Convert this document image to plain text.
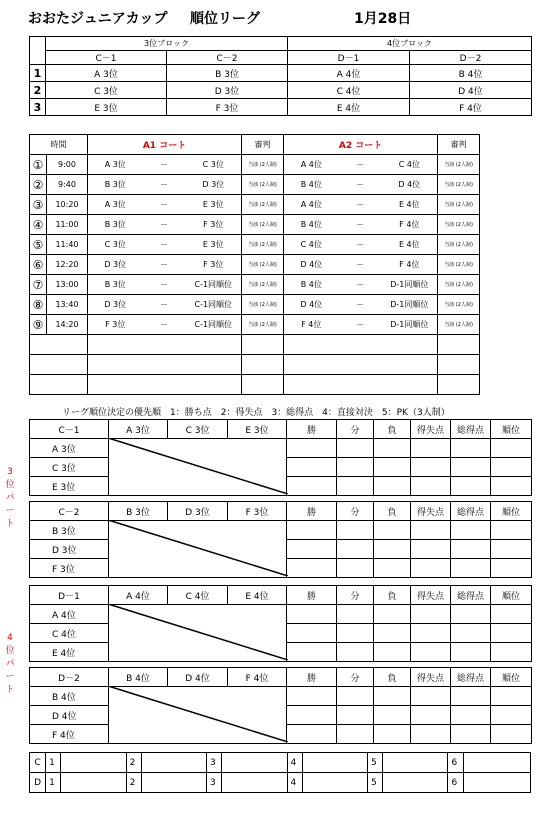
おおたジュニアカップ 順位リーグ	1月28日
	3位ブロック		4位ブロック	
	C－1	C－2	D－1	D－2
1	A 3位	B 3位	A 4位	B 4位
2	C 3位	D 3位	C 4位	D 4位
3	E 3位	F 3位	E 4位	F 4位
時間		A1 コート			審判	A2 コート			審判
①	9:00	A 3位	－	C 3位	当該 (2人制)	A 4位	－	C 4位	当該 (2人制)
②	9:40	B 3位	－	D 3位	当該 (2人制)	B 4位	－	D 4位	当該 (2人制)
③	10:20	A 3位	－	E 3位	当該 (2人制)	A 4位	－	E 4位	当該 (2人制)
④	11:00	B 3位	－	F 3位	当該 (2人制)	B 4位	－	F 4位	当該 (2人制)
⑤	11:40	C 3位	－	E 3位	当該 (2人制)	C 4位	－	E 4位	当該 (2人制)
⑥	12:20	D 3位	－	F 3位	当該 (2人制)	D 4位	－	F 4位	当該 (2人制)
⑦	13:00	B 3位	－	C-1同順位	当該 (2人制)	B 4位	－	D-1同順位	当該 (2人制)
⑧	13:40	D 3位	－	C-1同順位	当該 (2人制)	D 4位	－	D-1同順位	当該 (2人制)
⑨	14:20	F 3位	－	C-1同順位	当該 (2人制)	F 4位	－	D-1同順位	当該 (2人制)

リーグ順位決定の優先順　1：勝ち点　2：得失点　3：総得点　4：直接対決　5：PK（3人制）
C－1	A 3位	C 3位	E 3位	勝	分	負	得失点	総得点	順位
A 3位									
C 3位									
E 3位									
C－2	B 3位	D 3位	F 3位	勝	分	負	得失点	総得点	順位
B 3位									
D 3位									
F 3位									
D－1	A 4位	C 4位	E 4位	勝	分	負	得失点	総得点	順位
A 4位									
C 4位									
E 4位									
D－2	B 4位	D 4位	F 4位	勝	分	負	得失点	総得点	順位
B 4位									
D 4位									
F 4位									
3
位
パ
ー
ト
4
位
パ
ー
ト
C	1		2		3		4		5		6	
D	1		2		3		4		5		6	
